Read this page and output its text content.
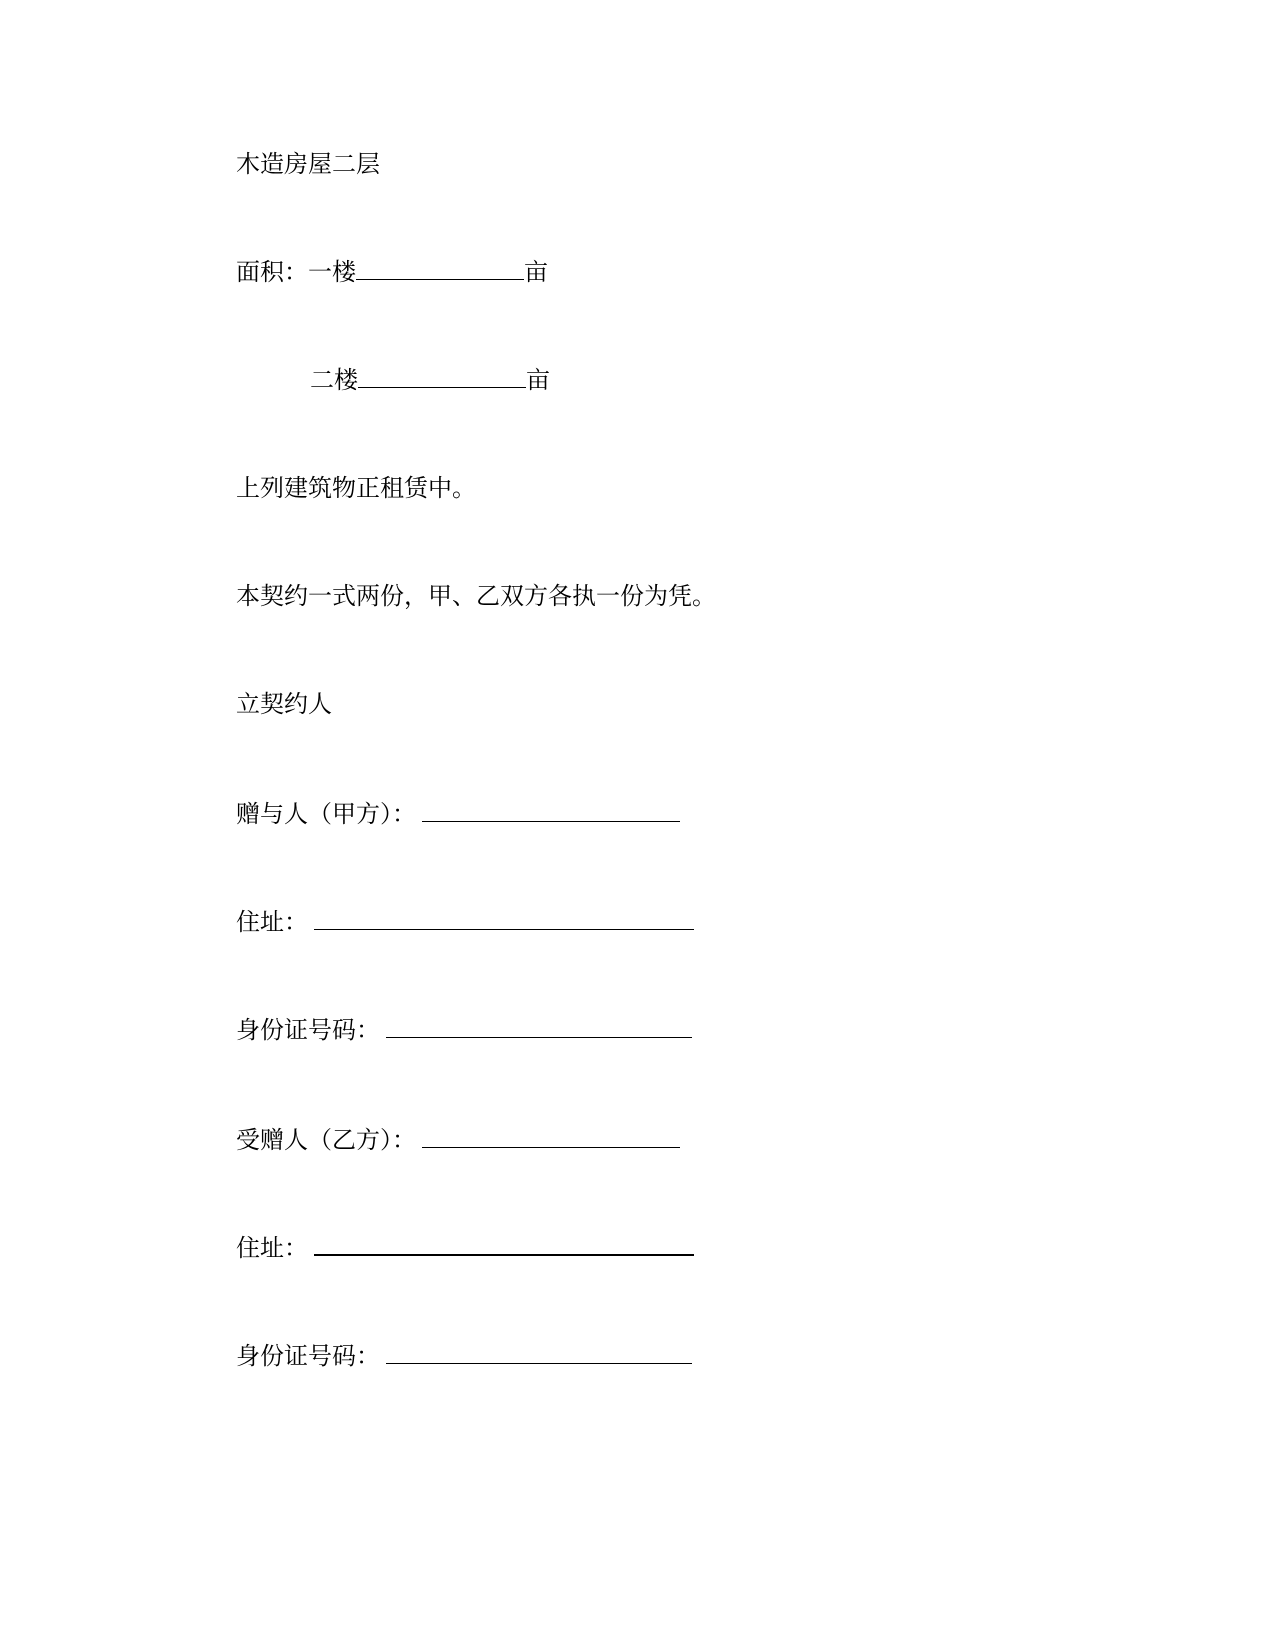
木造房屋二层
面积：一楼	亩
二楼	亩
上列建筑物正租赁中。
本契约一式两份，甲、乙双方各执一份为凭。
立契约人
赠与人（甲方）：
住址：
身份证号码：
受赠人（乙方）：
住址：
身份证号码：
